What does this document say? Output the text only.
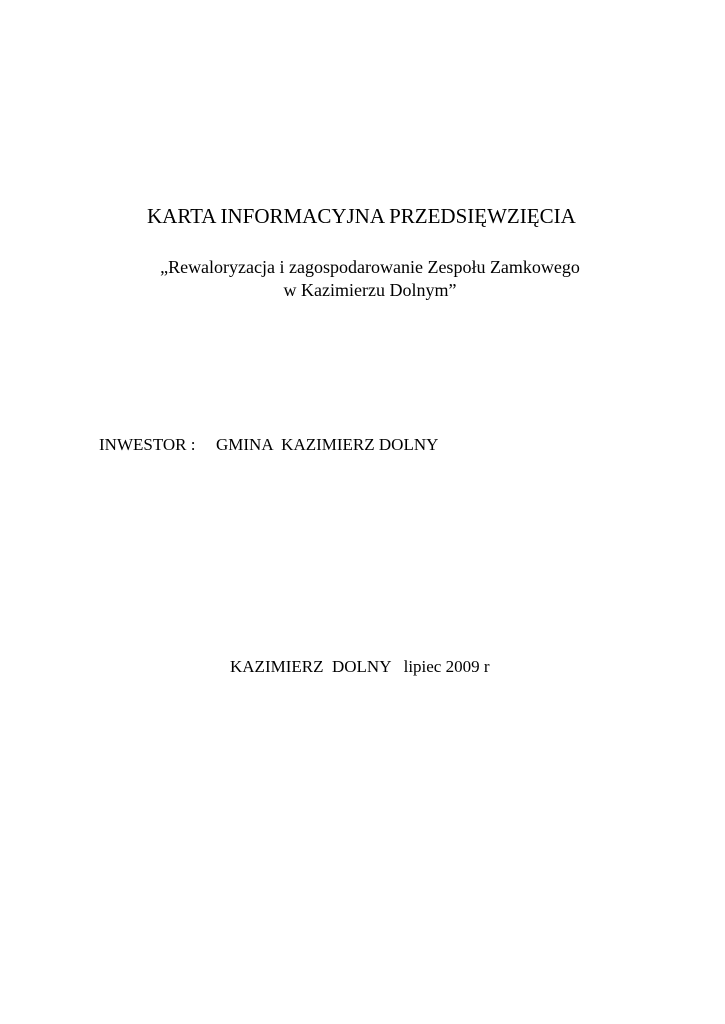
KARTA INFORMACYJNA PRZEDSIĘWZIĘCIA
„Rewaloryzacja i zagospodarowanie Zespołu Zamkowego
w Kazimierzu Dolnym”
INWESTOR : GMINA  KAZIMIERZ DOLNY
KAZIMIERZ  DOLNY   lipiec 2009 r
